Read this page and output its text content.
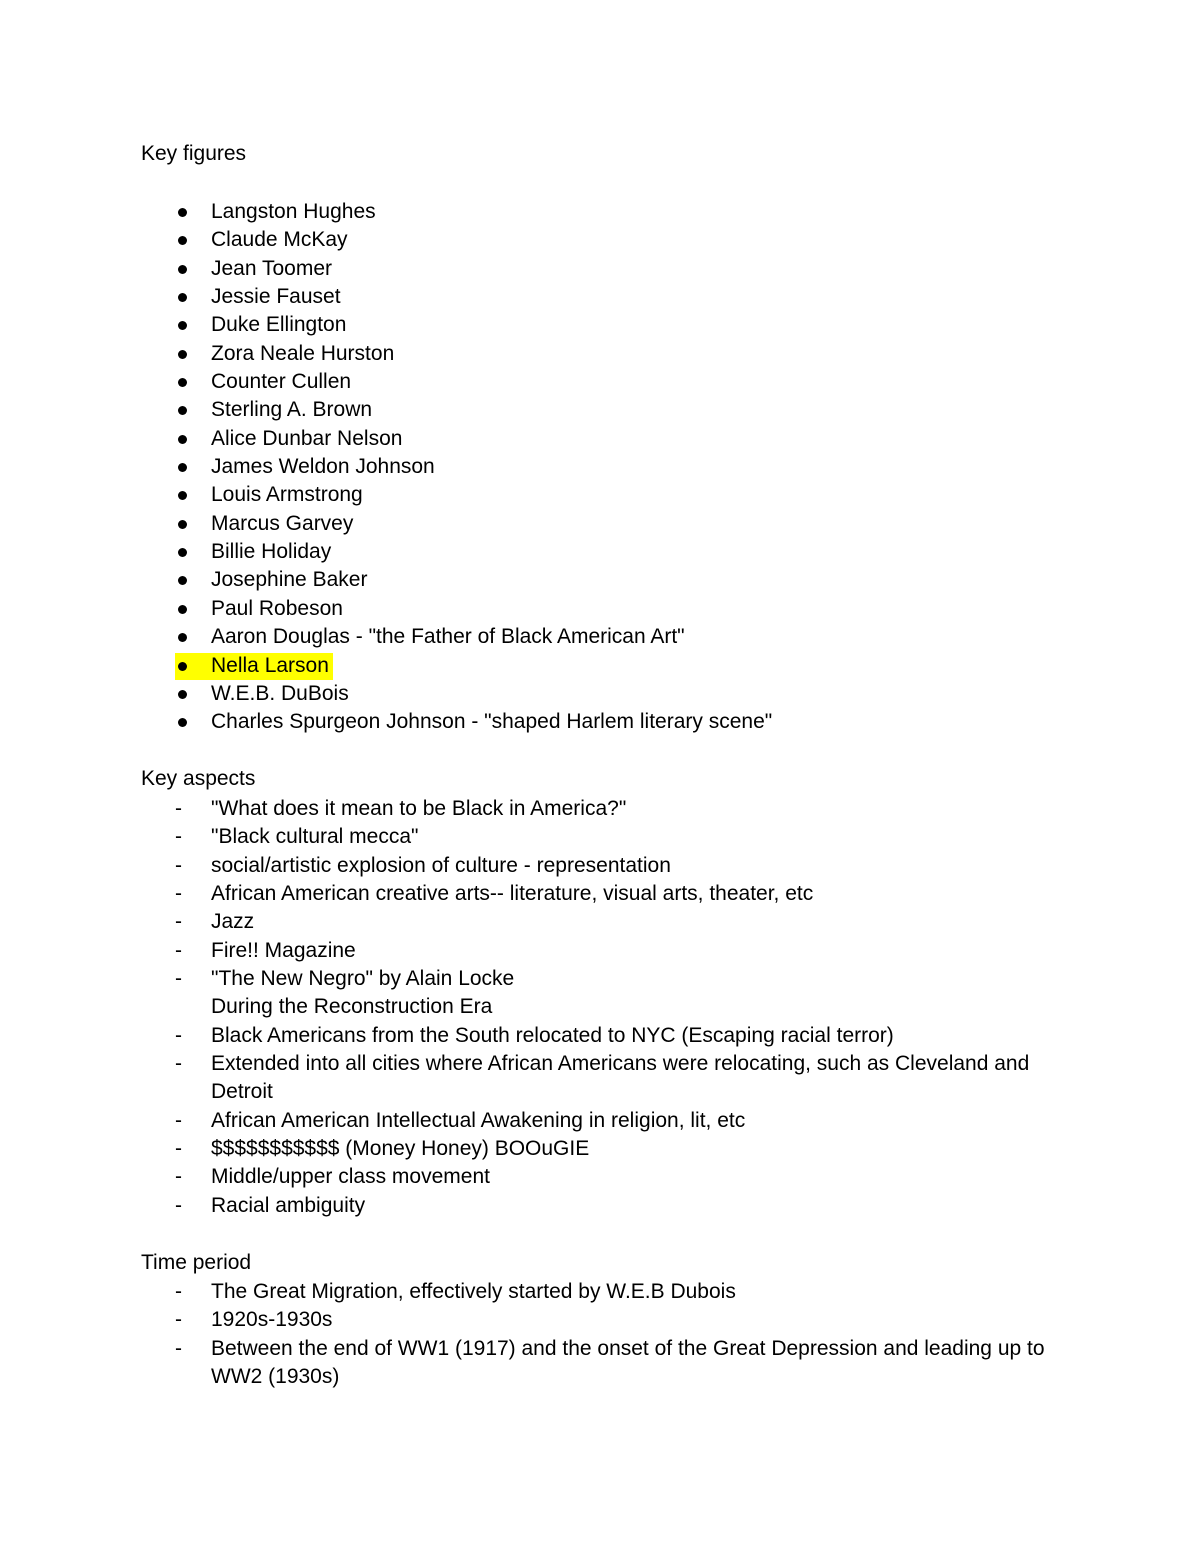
Key figures
Langston Hughes
Claude McKay
Jean Toomer
Jessie Fauset
Duke Ellington
Zora Neale Hurston
Counter Cullen
Sterling A. Brown
Alice Dunbar Nelson
James Weldon Johnson
Louis Armstrong
Marcus Garvey
Billie Holiday
Josephine Baker
Paul Robeson
Aaron Douglas - "the Father of Black American Art"
Nella Larson
W.E.B. DuBois
Charles Spurgeon Johnson - "shaped Harlem literary scene"
Key aspects
- "What does it mean to be Black in America?"
- "Black cultural mecca"
- social/artistic explosion of culture - representation
- African American creative arts-- literature, visual arts, theater, etc
- Jazz
- Fire!! Magazine
- "The New Negro" by Alain Locke
During the Reconstruction Era
- Black Americans from the South relocated to NYC (Escaping racial terror)
- Extended into all cities where African Americans were relocating, such as Cleveland and Detroit
- African American Intellectual Awakening in religion, lit, etc
- $$$$$$$$$$$ (Money Honey) BOOuGIE
- Middle/upper class movement
- Racial ambiguity
Time period
- The Great Migration, effectively started by W.E.B Dubois
- 1920s-1930s
- Between the end of WW1 (1917) and the onset of the Great Depression and leading up to WW2 (1930s)
